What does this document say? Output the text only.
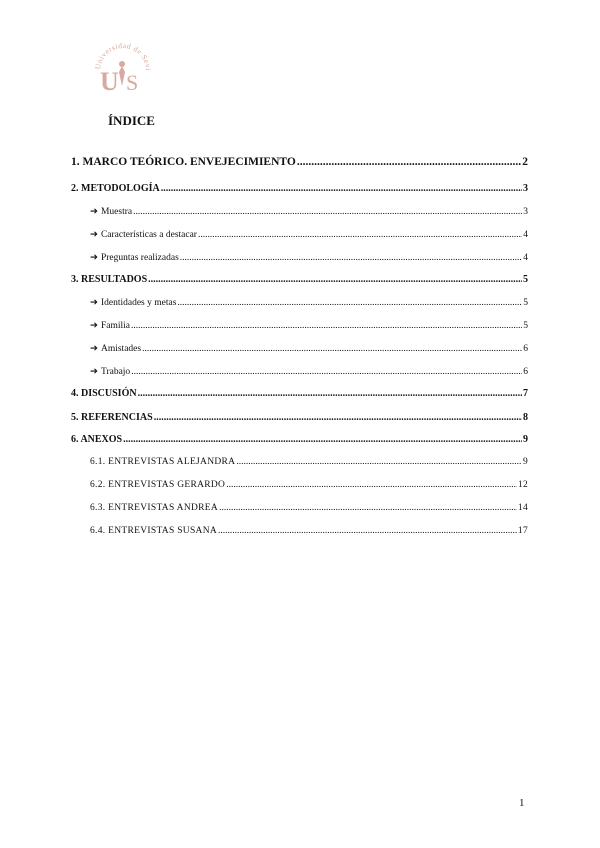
Universidad de Sevi
U S
ÍNDICE
1. MARCO TEÓRICO. ENVEJECIMIENTO .....	2
2. METODOLOGÍA .....	3
➔ Muestra .....	3
➔ Características a destacar .....	4
➔ Preguntas realizadas .....	4
3. RESULTADOS .....	5
➔ Identidades y metas .....	5
➔ Familia .....	5
➔ Amistades .....	6
➔ Trabajo .....	6
4. DISCUSIÓN .....	7
5. REFERENCIAS .....	8
6. ANEXOS .....	9
6.1. ENTREVISTAS ALEJANDRA .....	9
6.2. ENTREVISTAS GERARDO .....	12
6.3. ENTREVISTAS ANDREA .....	14
6.4. ENTREVISTAS SUSANA .....	17
1
